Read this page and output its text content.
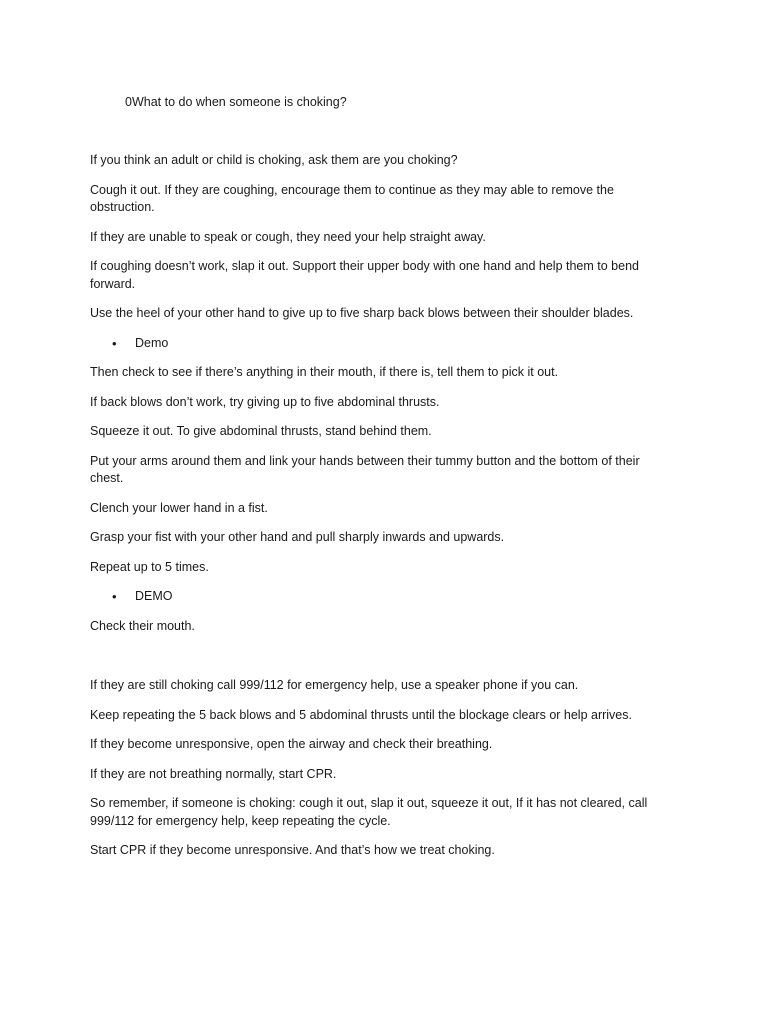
0What to do when someone is choking?

If you think an adult or child is choking, ask them are you choking?

Cough it out. If they are coughing, encourage them to continue as they may able to remove the obstruction.

If they are unable to speak or cough, they need your help straight away.

If coughing doesn’t work, slap it out. Support their upper body with one hand and help them to bend forward.

Use the heel of your other hand to give up to five sharp back blows between their shoulder blades.

• Demo

Then check to see if there’s anything in their mouth, if there is, tell them to pick it out.

If back blows don’t work, try giving up to five abdominal thrusts.

Squeeze it out. To give abdominal thrusts, stand behind them.

Put your arms around them and link your hands between their tummy button and the bottom of their chest.

Clench your lower hand in a fist.

Grasp your fist with your other hand and pull sharply inwards and upwards.

Repeat up to 5 times.

• DEMO

Check their mouth.

If they are still choking call 999/112 for emergency help, use a speaker phone if you can.

Keep repeating the 5 back blows and 5 abdominal thrusts until the blockage clears or help arrives.

If they become unresponsive, open the airway and check their breathing.

If they are not breathing normally, start CPR.

So remember, if someone is choking: cough it out, slap it out, squeeze it out, If it has not cleared, call 999/112 for emergency help, keep repeating the cycle.

Start CPR if they become unresponsive. And that’s how we treat choking.
